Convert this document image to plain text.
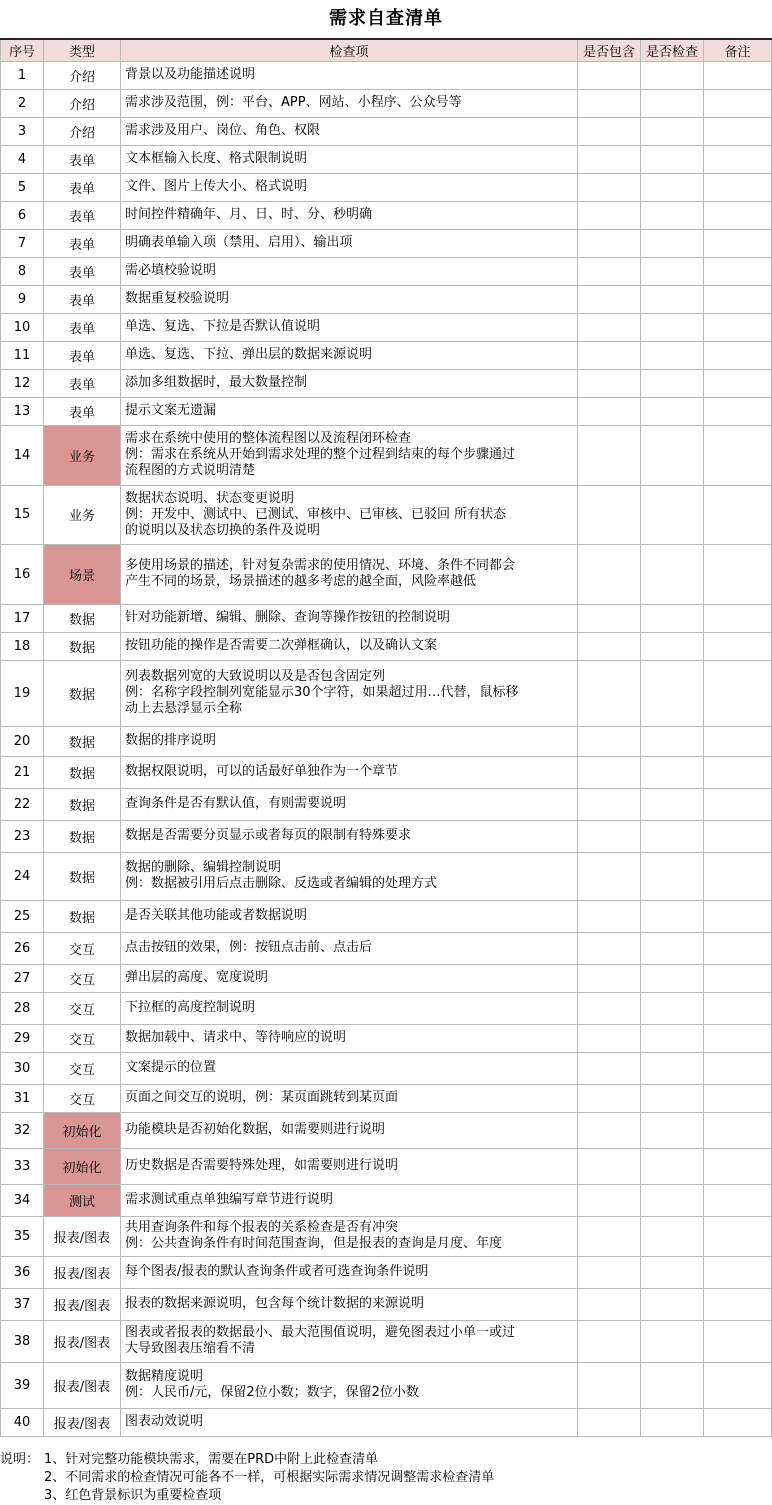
需求自查清单
序号	类型	检查项	是否包含	是否检查	备注
1	介绍	背景以及功能描述说明			

2	介绍	需求涉及范围，例：平台、APP、网站、小程序、公众号等			

3	介绍	需求涉及用户、岗位、角色、权限			

4	表单	文本框输入长度、格式限制说明			

5	表单	文件、图片上传大小、格式说明			

6	表单	时间控件精确年、月、日、时、分、秒明确			

7	表单	明确表单输入项（禁用、启用）、输出项			

8	表单	需必填校验说明			

9	表单	数据重复校验说明			

10	表单	单选、复选、下拉是否默认值说明			

11	表单	单选、复选、下拉、弹出层的数据来源说明			

12	表单	添加多组数据时，最大数量控制			

13	表单	提示文案无遗漏			

14	业务	需求在系统中使用的整体流程图以及流程闭环检查
例：需求在系统从开始到需求处理的整个过程到结束的每个步骤通过
流程图的方式说明清楚			

15	业务	数据状态说明、状态变更说明
例：开发中、测试中、已测试、审核中、已审核、已驳回 所有状态
的说明以及状态切换的条件及说明			

16	场景	多使用场景的描述，针对复杂需求的使用情况、环境、条件不同都会
产生不同的场景，场景描述的越多考虑的越全面，风险率越低			

17	数据	针对功能新增、编辑、删除、查询等操作按钮的控制说明			

18	数据	按钮功能的操作是否需要二次弹框确认，以及确认文案			

19	数据	列表数据列宽的大致说明以及是否包含固定列
例：名称字段控制列宽能显示30个字符，如果超过用…代替，鼠标移
动上去悬浮显示全称			

20	数据	数据的排序说明			

21	数据	数据权限说明，可以的话最好单独作为一个章节			

22	数据	查询条件是否有默认值，有则需要说明			

23	数据	数据是否需要分页显示或者每页的限制有特殊要求			

24	数据	数据的删除、编辑控制说明
例：数据被引用后点击删除、反选或者编辑的处理方式			

25	数据	是否关联其他功能或者数据说明			

26	交互	点击按钮的效果，例：按钮点击前、点击后			

27	交互	弹出层的高度、宽度说明			

28	交互	下拉框的高度控制说明			

29	交互	数据加载中、请求中、等待响应的说明			

30	交互	文案提示的位置			

31	交互	页面之间交互的说明，例：某页面跳转到某页面			

32	初始化	功能模块是否初始化数据，如需要则进行说明			

33	初始化	历史数据是否需要特殊处理，如需要则进行说明			

34	测试	需求测试重点单独编写章节进行说明			

35	报表/图表	共用查询条件和每个报表的关系检查是否有冲突
例：公共查询条件有时间范围查询，但是报表的查询是月度、年度			

36	报表/图表	每个图表/报表的默认查询条件或者可选查询条件说明			

37	报表/图表	报表的数据来源说明，包含每个统计数据的来源说明			

38	报表/图表	图表或者报表的数据最小、最大范围值说明，避免图表过小单一或过
大导致图表压缩看不清			

39	报表/图表	数据精度说明
例：人民币/元，保留2位小数；数字，保留2位小数			

40	报表/图表	图表动效说明			

说明： 1、针对完整功能模块需求，需要在PRD中附上此检查清单
2、不同需求的检查情况可能各不一样，可根据实际需求情况调整需求检查清单
3、红色背景标识为重要检查项
